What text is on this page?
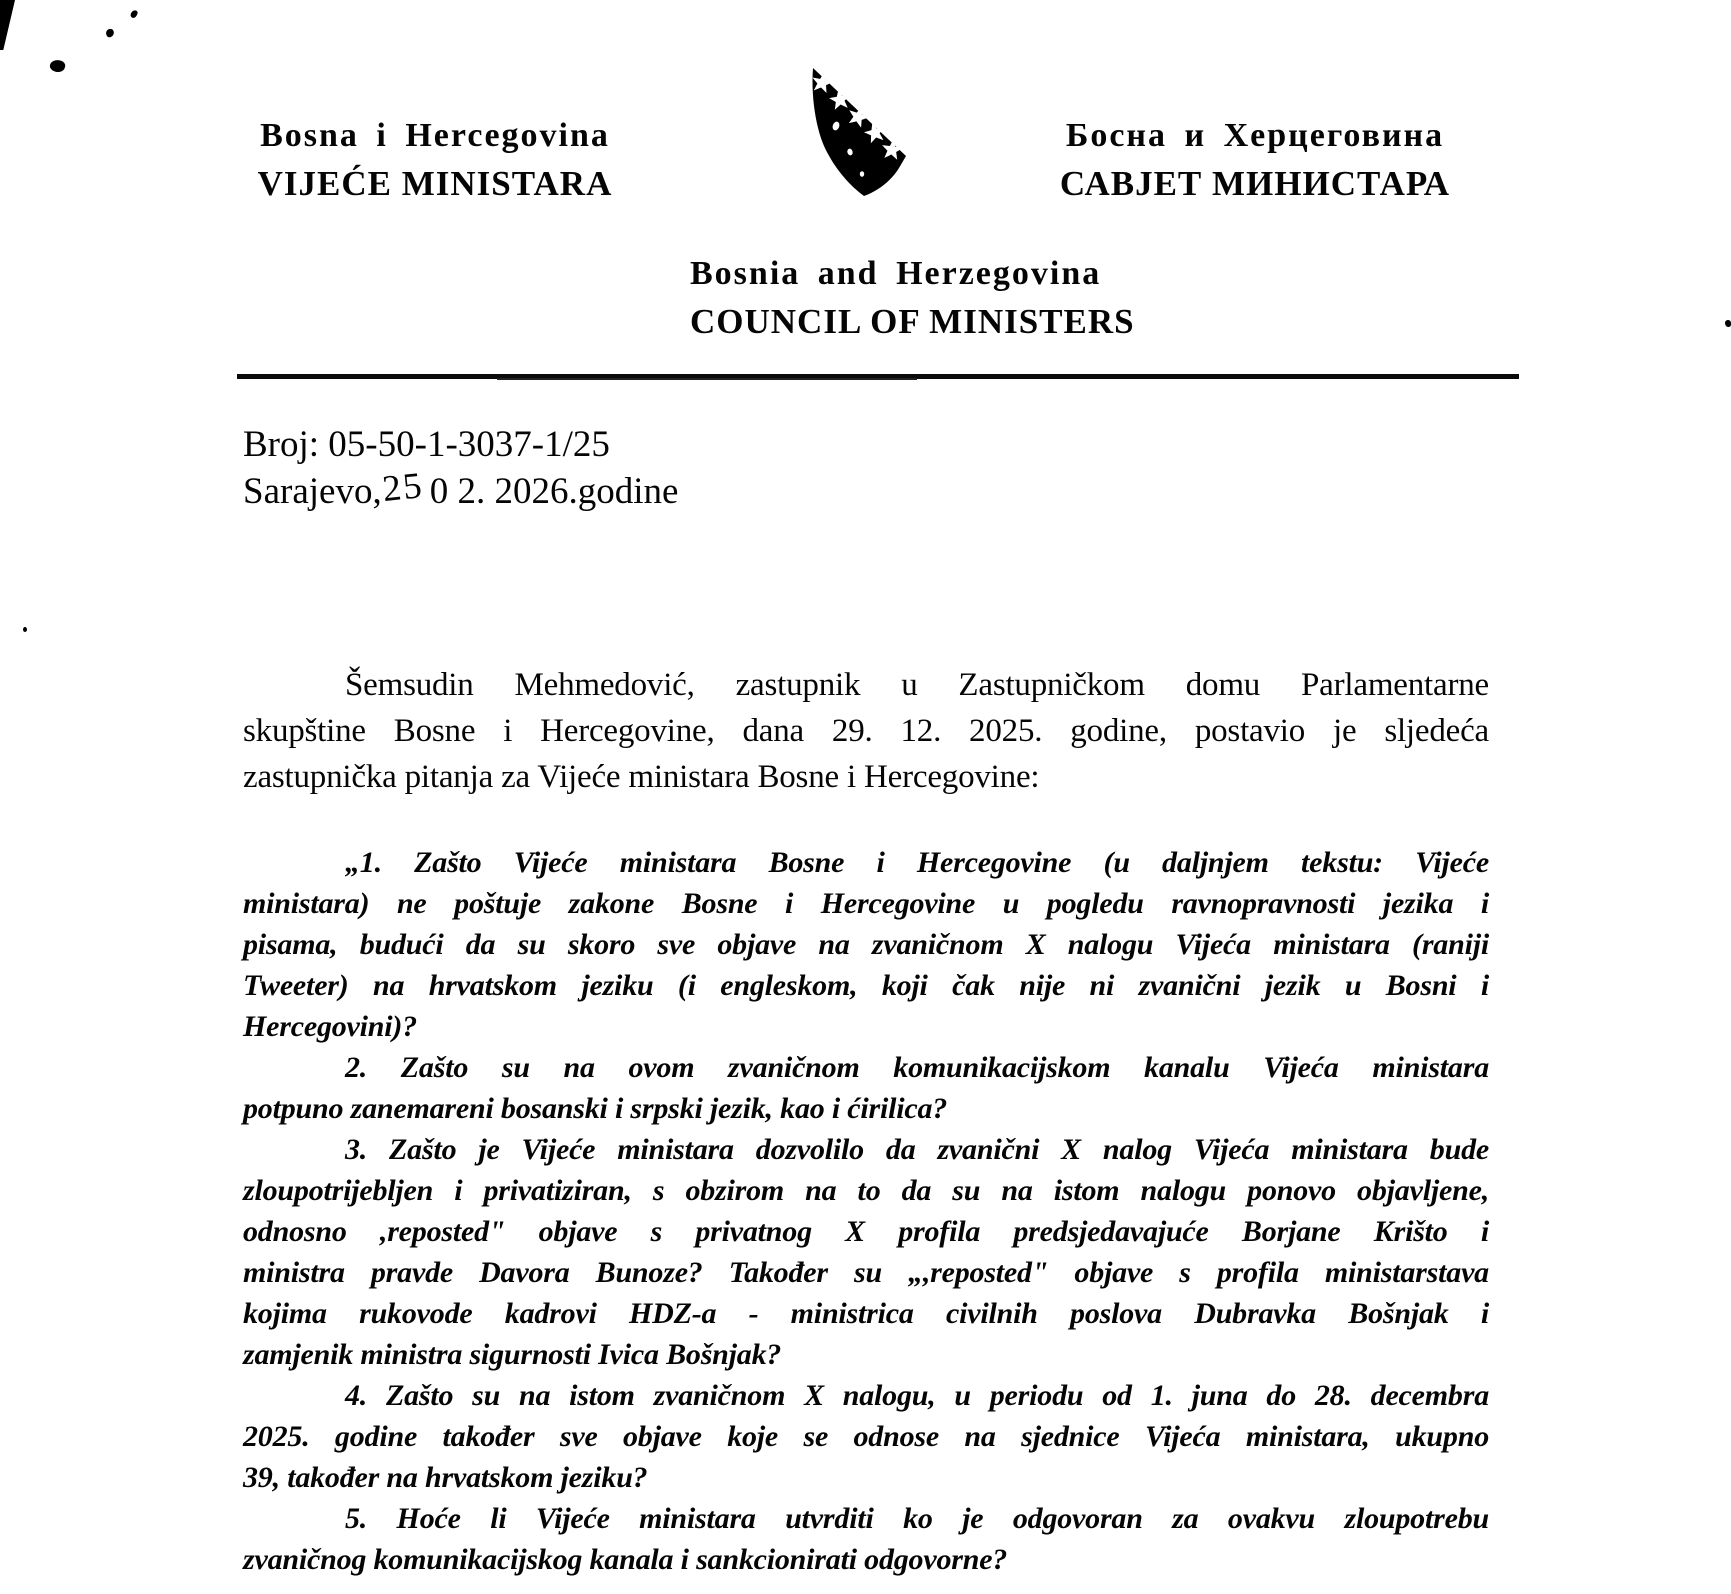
Bosna i Hercegovina
VIJEĆE MINISTARA
Босна и Херцеговина
САВЈЕТ МИНИСТАРА
Bosnia and Herzegovina
COUNCIL OF MINISTERS
Broj: 05-50-1-3037-1/25
Sarajevo,25 0 2. 2026.godine
Šemsudin Mehmedović, zastupnik u Zastupničkom domu Parlamentarne
skupštine Bosne i Hercegovine, dana 29. 12. 2025. godine, postavio je sljedeća
zastupnička pitanja za Vijeće ministara Bosne i Hercegovine:
„1. Zašto Vijeće ministara Bosne i Hercegovine (u daljnjem tekstu: Vijeće
ministara) ne poštuje zakone Bosne i Hercegovine u pogledu ravnopravnosti jezika i
pisama, budući da su skoro sve objave na zvaničnom X nalogu Vijeća ministara (raniji
Tweeter) na hrvatskom jeziku (i engleskom, koji čak nije ni zvanični jezik u Bosni i
Hercegovini)?
2. Zašto su na ovom zvaničnom komunikacijskom kanalu Vijeća ministara
potpuno zanemareni bosanski i srpski jezik, kao i ćirilica?
3. Zašto je Vijeće ministara dozvolilo da zvanični X nalog Vijeća ministara bude
zloupotrijebljen i privatiziran, s obzirom na to da su na istom nalogu ponovo objavljene,
odnosno ,reposted" objave s privatnog X profila predsjedavajuće Borjane Krišto i
ministra pravde Davora Bunoze? Također su „,reposted" objave s profila ministarstava
kojima rukovode kadrovi HDZ-a - ministrica civilnih poslova Dubravka Bošnjak i
zamjenik ministra sigurnosti Ivica Bošnjak?
4. Zašto su na istom zvaničnom X nalogu, u periodu od 1. juna do 28. decembra
2025. godine također sve objave koje se odnose na sjednice Vijeća ministara, ukupno
39, također na hrvatskom jeziku?
5. Hoće li Vijeće ministara utvrditi ko je odgovoran za ovakvu zloupotrebu
zvaničnog komunikacijskog kanala i sankcionirati odgovorne?
